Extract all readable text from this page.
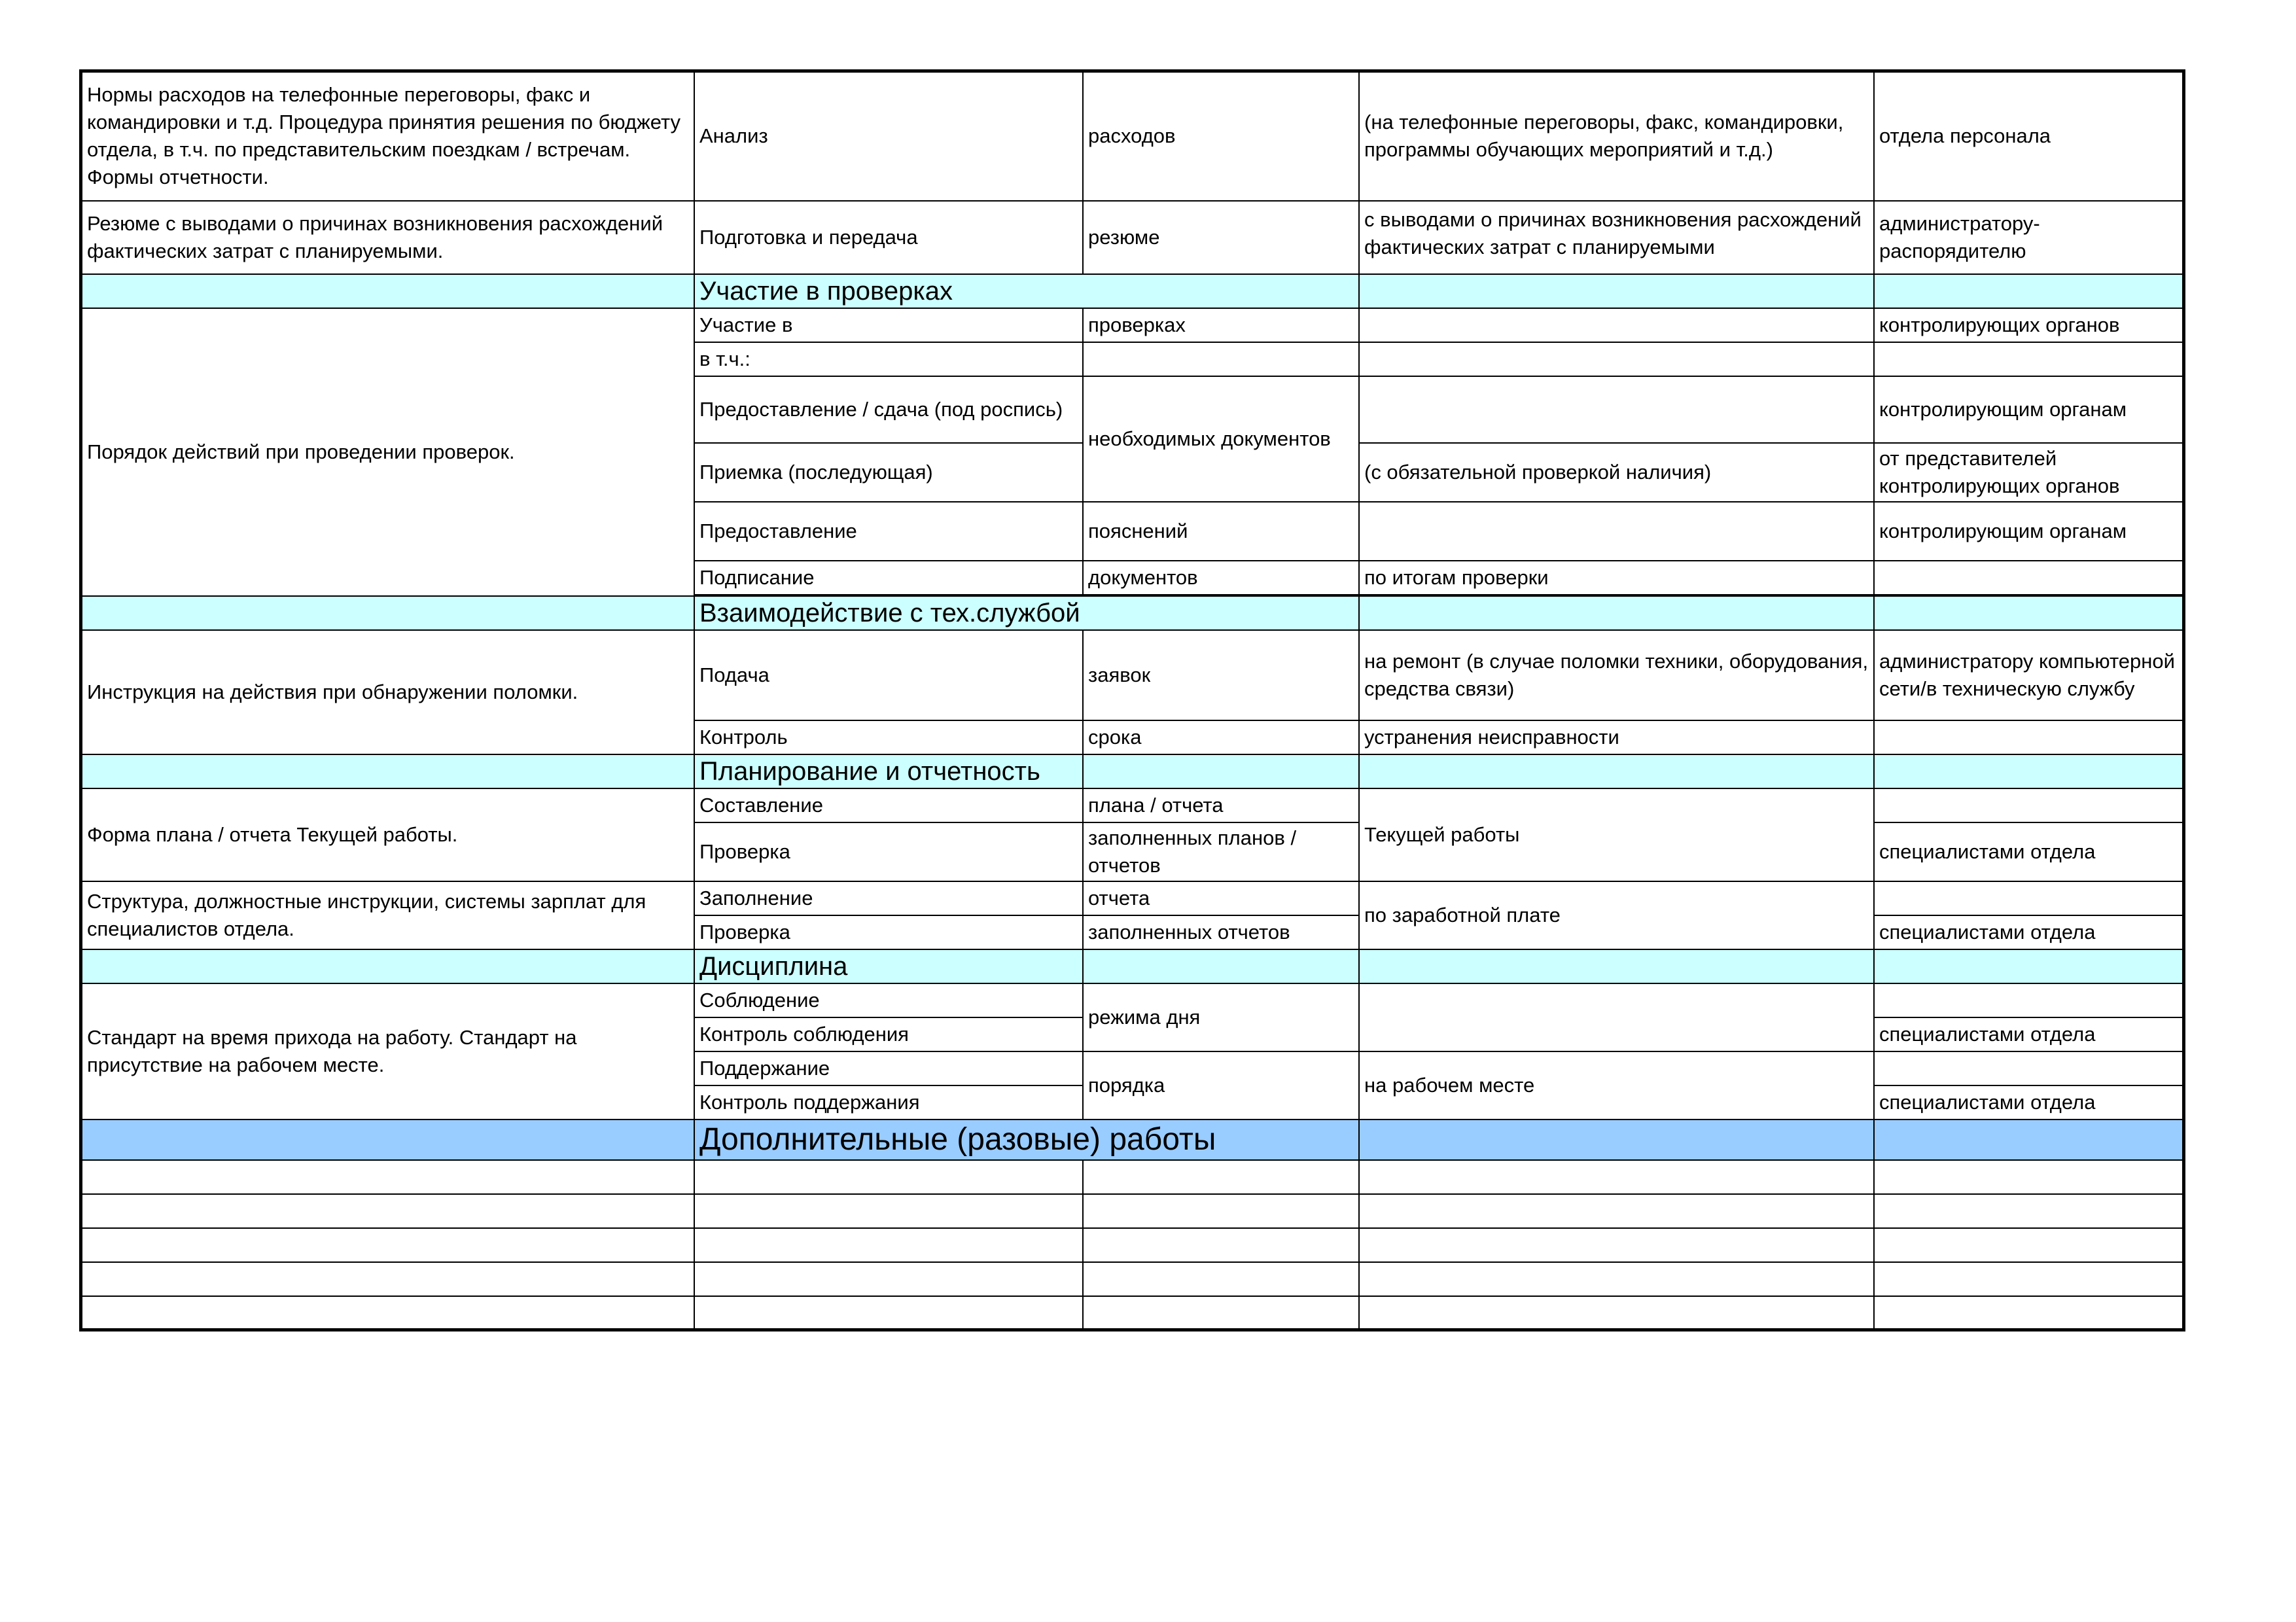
Нормы расходов на телефонные переговоры, факс и командировки и т.д. Процедура принятия решения по бюджету отдела, в т.ч. по представительским поездкам / встречам. Формы отчетности.	Анализ	расходов	(на телефонные переговоры, факс, командировки, программы обучающих мероприятий и т.д.)	отдела персонала
Резюме с выводами о причинах возникновения расхождений фактических затрат с планируемыми.	Подготовка и передача	резюме	с выводами о причинах возникновения расхождений фактических затрат с планируемыми	администратору-распорядителю
	Участие в проверках			
Порядок действий при проведении проверок.	Участие в	проверках		контролирующих органов
	в т.ч.:			
	Предоставление / сдача (под роспись)	необходимых документов		контролирующим органам
	Приемка (последующая)		(с обязательной проверкой наличия)	от представителей контролирующих органов
	Предоставление	пояснений		контролирующим органам
	Подписание	документов	по итогам проверки	

	Взаимодействие с тех.службой			
Инструкция на действия при обнаружении поломки.	Подача	заявок	на ремонт (в случае поломки техники, оборудования, средства связи)	администратору компьютерной сети/в техническую службу
	Контроль	срока	устранения неисправности	
	Планирование и отчетность			
Форма плана / отчета Текущей работы.	Составление	плана / отчета	Текущей работы	
	Проверка	заполненных планов / отчетов		специалистами отдела
Структура, должностные инструкции, системы зарплат для специалистов отдела.	Заполнение	отчета	по заработной плате	
	Проверка	заполненных отчетов		специалистами отдела
	Дисциплина			
Стандарт на время прихода на работу. Стандарт на присутствие на рабочем месте.	Соблюдение	режима дня		
	Контроль соблюдения			специалистами отдела
	Поддержание	порядка	на рабочем месте	
	Контроль поддержания			специалистами отдела
	Дополнительные (разовые) работы			
